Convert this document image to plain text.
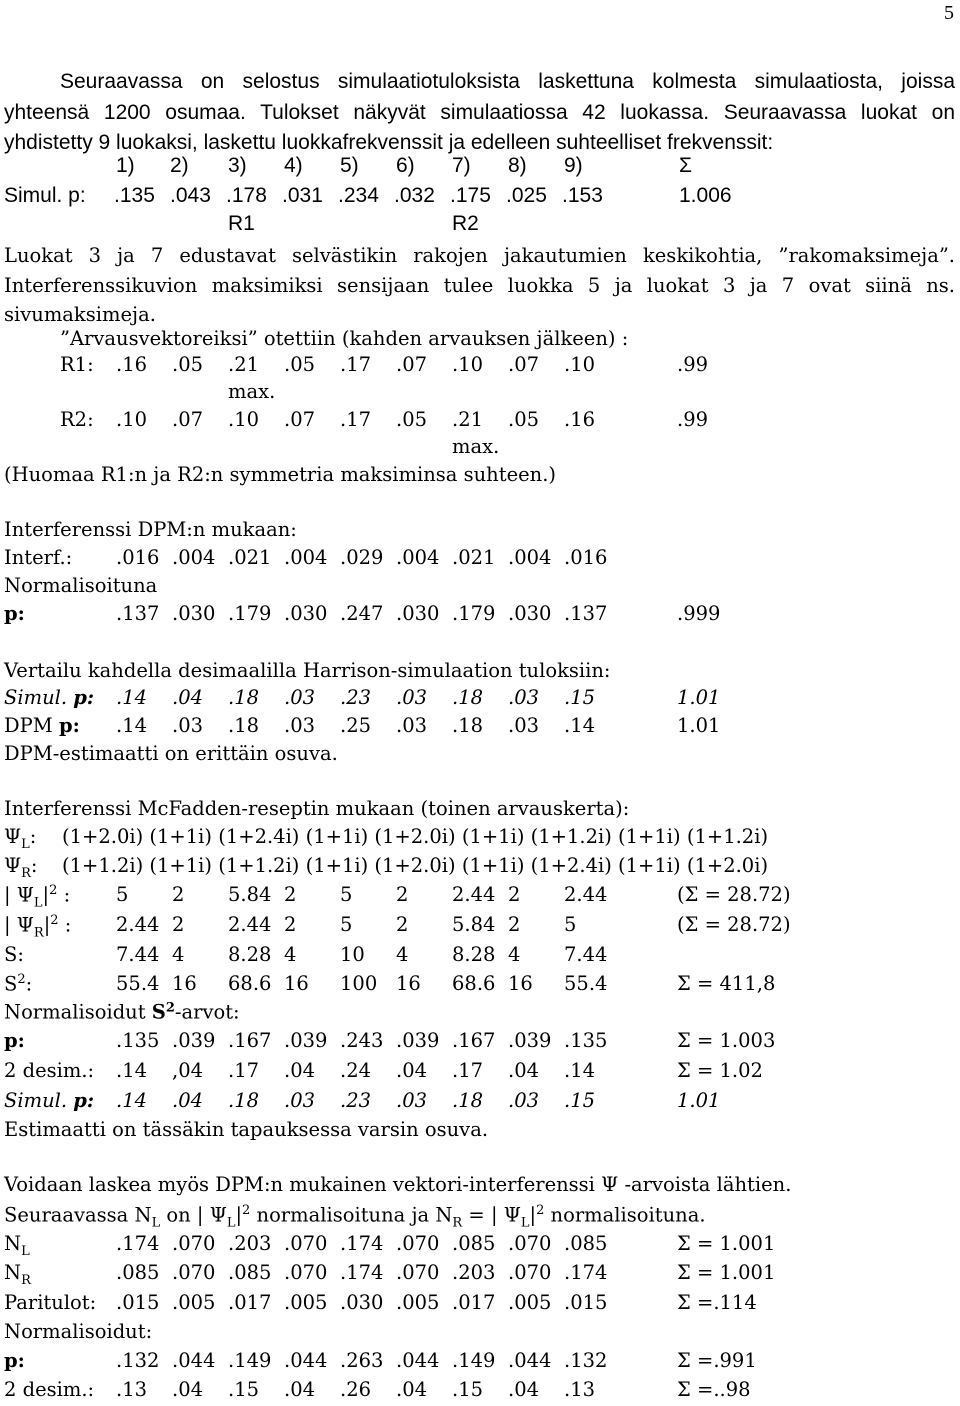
5
Seuraavassa on selostus simulaatiotuloksista laskettuna kolmesta simulaatiosta, joissa yhteensä 1200 osumaa. Tulokset näkyvät simulaatiossa 42 luokassa. Seuraavassa luokat on yhdistetty 9 luokaksi, laskettu luokkafrekvenssit ja edelleen suhteelliset frekvenssit:
1) 2) 3) 4) 5) 6) 7) 8) 9)	Σ
Simul. p: .135 .043 .178 .031 .234 .032 .175 .025 .153	1.006
R1	R2
Luokat 3 ja 7 edustavat selvästikin rakojen jakautumien keskikohtia, ”rakomaksimeja”. Interferenssikuvion maksimiksi sensijaan tulee luokka 5 ja luokat 3 ja 7 ovat siinä ns. sivumaksimeja.
”Arvausvektoreiksi” otettiin (kahden arvauksen jälkeen) :
R1: .16 .05 .21 .05 .17 .07 .10 .07 .10	.99
max.
R2: .10 .07 .10 .07 .17 .05 .21 .05 .16	.99
max.
(Huomaa R1:n ja R2:n symmetria maksiminsa suhteen.)
Interferenssi DPM:n mukaan:
Interf.: .016 .004 .021 .004 .029 .004 .021 .004 .016
Normalisoituna
p:	.137 .030 .179 .030 .247 .030 .179 .030 .137	.999
Vertailu kahdella desimaalilla Harrison-simulaation tuloksiin:
Simul. p: .14 .04 .18 .03 .23 .03 .18 .03 .15	1.01
DPM p: .14 .03 .18 .03 .25 .03 .18 .03 .14	1.01
DPM-estimaatti on erittäin osuva.
Interferenssi McFadden-reseptin mukaan (toinen arvauskerta):
$\Psi_L$: (1+2.0i) (1+1i) (1+2.4i) (1+1i) (1+2.0i) (1+1i) (1+1.2i) (1+1i) (1+1.2i)
$\Psi_R$: (1+1.2i) (1+1i) (1+1.2i) (1+1i) (1+2.0i) (1+1i) (1+2.4i) (1+1i) (1+2.0i)
| $\Psi_L|^2$ : 5 2 5.84 2 5 2 2.44 2 2.44	(Σ = 28.72)
| $\Psi_R|^2$ : 2.44 2 2.44 2 5 2 5.84 2 5	(Σ = 28.72)
S:	7.44 4 8.28 4 10 4 8.28 4 7.44
$S^2$:	55.4 16 68.6 16 100 16 68.6 16 55.4	Σ = 411,8
Normalisoidut $S^2$-arvot:
p:	.135 .039 .167 .039 .243 .039 .167 .039 .135	Σ = 1.003
2 desim.: .14 ,04 .17 .04 .24 .04 .17 .04 .14	Σ = 1.02
Simul. p: .14 .04 .18 .03 .23 .03 .18 .03 .15	1.01
Estimaatti on tässäkin tapauksessa varsin osuva.
Voidaan laskea myös DPM:n mukainen vektori-interferenssi Ψ -arvoista lähtien.
Seuraavassa $N_L$ on | $\Psi_L|^2$ normalisoituna ja $N_R$ = | $\Psi_L|^2$ normalisoituna.
$N_L$	.174 .070 .203 .070 .174 .070 .085 .070 .085	Σ = 1.001
$N_R$	.085 .070 .085 .070 .174 .070 .203 .070 .174	Σ = 1.001
Paritulot: .015 .005 .017 .005 .030 .005 .017 .005 .015	Σ =.114
Normalisoidut:
p:	.132 .044 .149 .044 .263 .044 .149 .044 .132	Σ =.991
2 desim.: .13 .04 .15 .04 .26 .04 .15 .04 .13	Σ =..98
